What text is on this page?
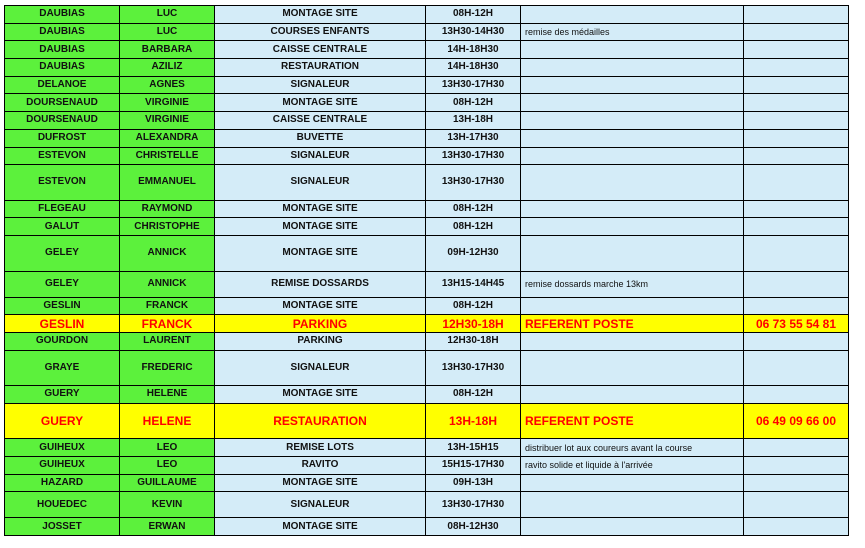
DAUBIAS	LUC	MONTAGE SITE	08H-12H		
DAUBIAS	LUC	COURSES ENFANTS	13H30-14H30	remise des médailles	
DAUBIAS	BARBARA	CAISSE CENTRALE	14H-18H30		
DAUBIAS	AZILIZ	RESTAURATION	14H-18H30		
DELANOE	AGNES	SIGNALEUR	13H30-17H30		
DOURSENAUD	VIRGINIE	MONTAGE SITE	08H-12H		
DOURSENAUD	VIRGINIE	CAISSE CENTRALE	13H-18H		
DUFROST	ALEXANDRA	BUVETTE	13H-17H30		
ESTEVON	CHRISTELLE	SIGNALEUR	13H30-17H30		
ESTEVON	EMMANUEL	SIGNALEUR	13H30-17H30		
FLEGEAU	RAYMOND	MONTAGE SITE	08H-12H		
GALUT	CHRISTOPHE	MONTAGE SITE	08H-12H		
GELEY	ANNICK	MONTAGE SITE	09H-12H30		
GELEY	ANNICK	REMISE DOSSARDS	13H15-14H45	remise dossards marche 13km	
GESLIN	FRANCK	MONTAGE SITE	08H-12H		
GESLIN	FRANCK	PARKING	12H30-18H	REFERENT POSTE	06 73 55 54 81
GOURDON	LAURENT	PARKING	12H30-18H		
GRAYE	FREDERIC	SIGNALEUR	13H30-17H30		
GUERY	HELENE	MONTAGE SITE	08H-12H		
GUERY	HELENE	RESTAURATION	13H-18H	REFERENT POSTE	06 49 09 66 00
GUIHEUX	LEO	REMISE LOTS	13H-15H15	distribuer lot aux coureurs avant la course	
GUIHEUX	LEO	RAVITO	15H15-17H30	ravito solide et liquide à l'arrivée	
HAZARD	GUILLAUME	MONTAGE SITE	09H-13H		
HOUEDEC	KEVIN	SIGNALEUR	13H30-17H30		
JOSSET	ERWAN	MONTAGE SITE	08H-12H30		
